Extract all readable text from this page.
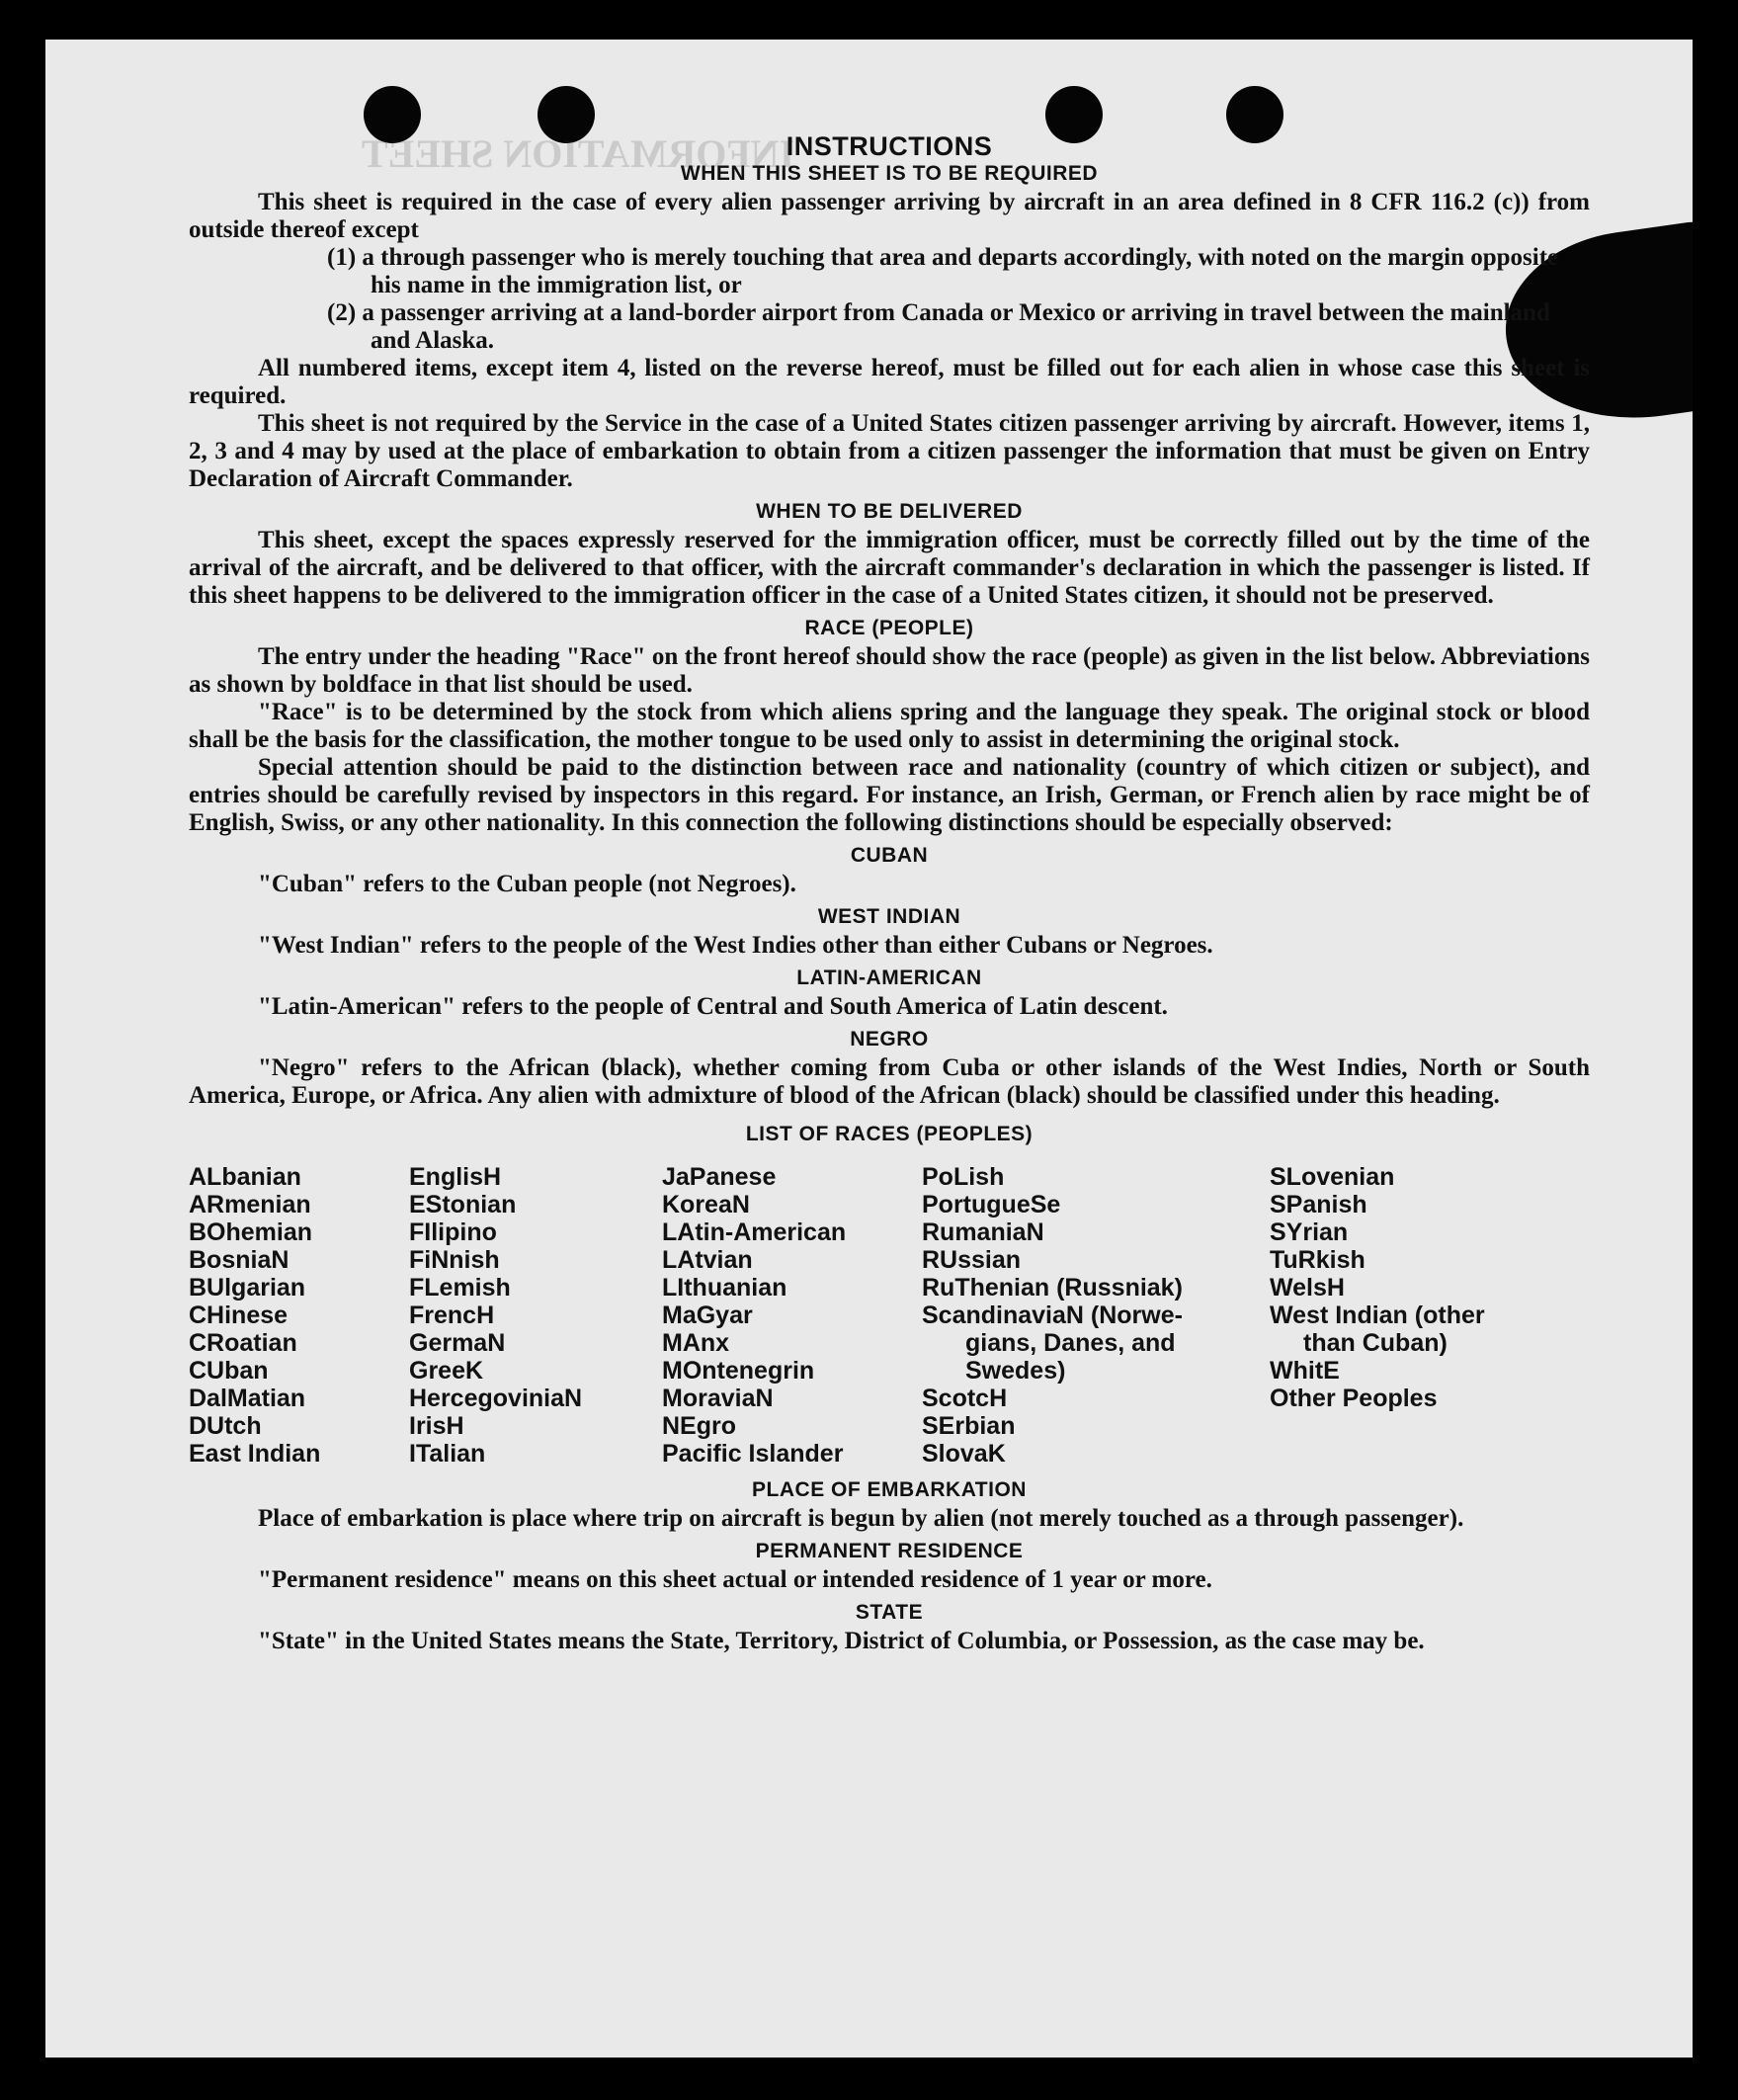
INFORMATION SHEET

INSTRUCTIONS

WHEN THIS SHEET IS TO BE REQUIRED

This sheet is required in the case of every alien passenger arriving by aircraft in an area defined in 8 CFR 116.2 (c)) from outside thereof except

(1) a through passenger who is merely touching that area and departs accordingly, with noted on the margin opposite his name in the immigration list, or

(2) a passenger arriving at a land-border airport from Canada or Mexico or arriving in travel between the mainland and Alaska.

All numbered items, except item 4, listed on the reverse hereof, must be filled out for each alien in whose case this sheet is required.

This sheet is not required by the Service in the case of a United States citizen passenger arriving by aircraft. However, items 1, 2, 3 and 4 may by used at the place of embarkation to obtain from a citizen passenger the information that must be given on Entry Declaration of Aircraft Commander.

WHEN TO BE DELIVERED

This sheet, except the spaces expressly reserved for the immigration officer, must be correctly filled out by the time of the arrival of the aircraft, and be delivered to that officer, with the aircraft commander's declaration in which the passenger is listed. If this sheet happens to be delivered to the immigration officer in the case of a United States citizen, it should not be preserved.

RACE (PEOPLE)

The entry under the heading "Race" on the front hereof should show the race (people) as given in the list below. Abbreviations as shown by boldface in that list should be used.

"Race" is to be determined by the stock from which aliens spring and the language they speak. The original stock or blood shall be the basis for the classification, the mother tongue to be used only to assist in determining the original stock.

Special attention should be paid to the distinction between race and nationality (country of which citizen or subject), and entries should be carefully revised by inspectors in this regard. For instance, an Irish, German, or French alien by race might be of English, Swiss, or any other nationality. In this connection the following distinctions should be especially observed:

CUBAN

"Cuban" refers to the Cuban people (not Negroes).

WEST INDIAN

"West Indian" refers to the people of the West Indies other than either Cubans or Negroes.

LATIN-AMERICAN

"Latin-American" refers to the people of Central and South America of Latin descent.

NEGRO

"Negro" refers to the African (black), whether coming from Cuba or other islands of the West Indies, North or South America, Europe, or Africa. Any alien with admixture of blood of the African (black) should be classified under this heading.

LIST OF RACES (PEOPLES)

ALbanian
ARmenian
BOhemian
BosniaN
BUlgarian
CHinese
CRoatian
CUban
DalMatian
DUtch
East Indian
EnglisH
EStonian
FIlipino
FiNnish
FLemish
FrencH
GermaN
GreeK
HercegoviniaN
IrisH
ITalian
JaPanese
KoreaN
LAtin-American
LAtvian
LIthuanian
MaGyar
MAnx
MOntenegrin
MoraviaN
NEgro
Pacific Islander
PoLish
PortugueSe
RumaniaN
RUssian
RuThenian (Russniak)
ScandinaviaN (Norwe-
gians, Danes, and
Swedes)
ScotcH
SErbian
SlovaK
SLovenian
SPanish
SYrian
TuRkish
WelsH
West Indian (other
than Cuban)
WhitE
Other Peoples

PLACE OF EMBARKATION

Place of embarkation is place where trip on aircraft is begun by alien (not merely touched as a through passenger).

PERMANENT RESIDENCE

"Permanent residence" means on this sheet actual or intended residence of 1 year or more.

STATE

"State" in the United States means the State, Territory, District of Columbia, or Possession, as the case may be.
